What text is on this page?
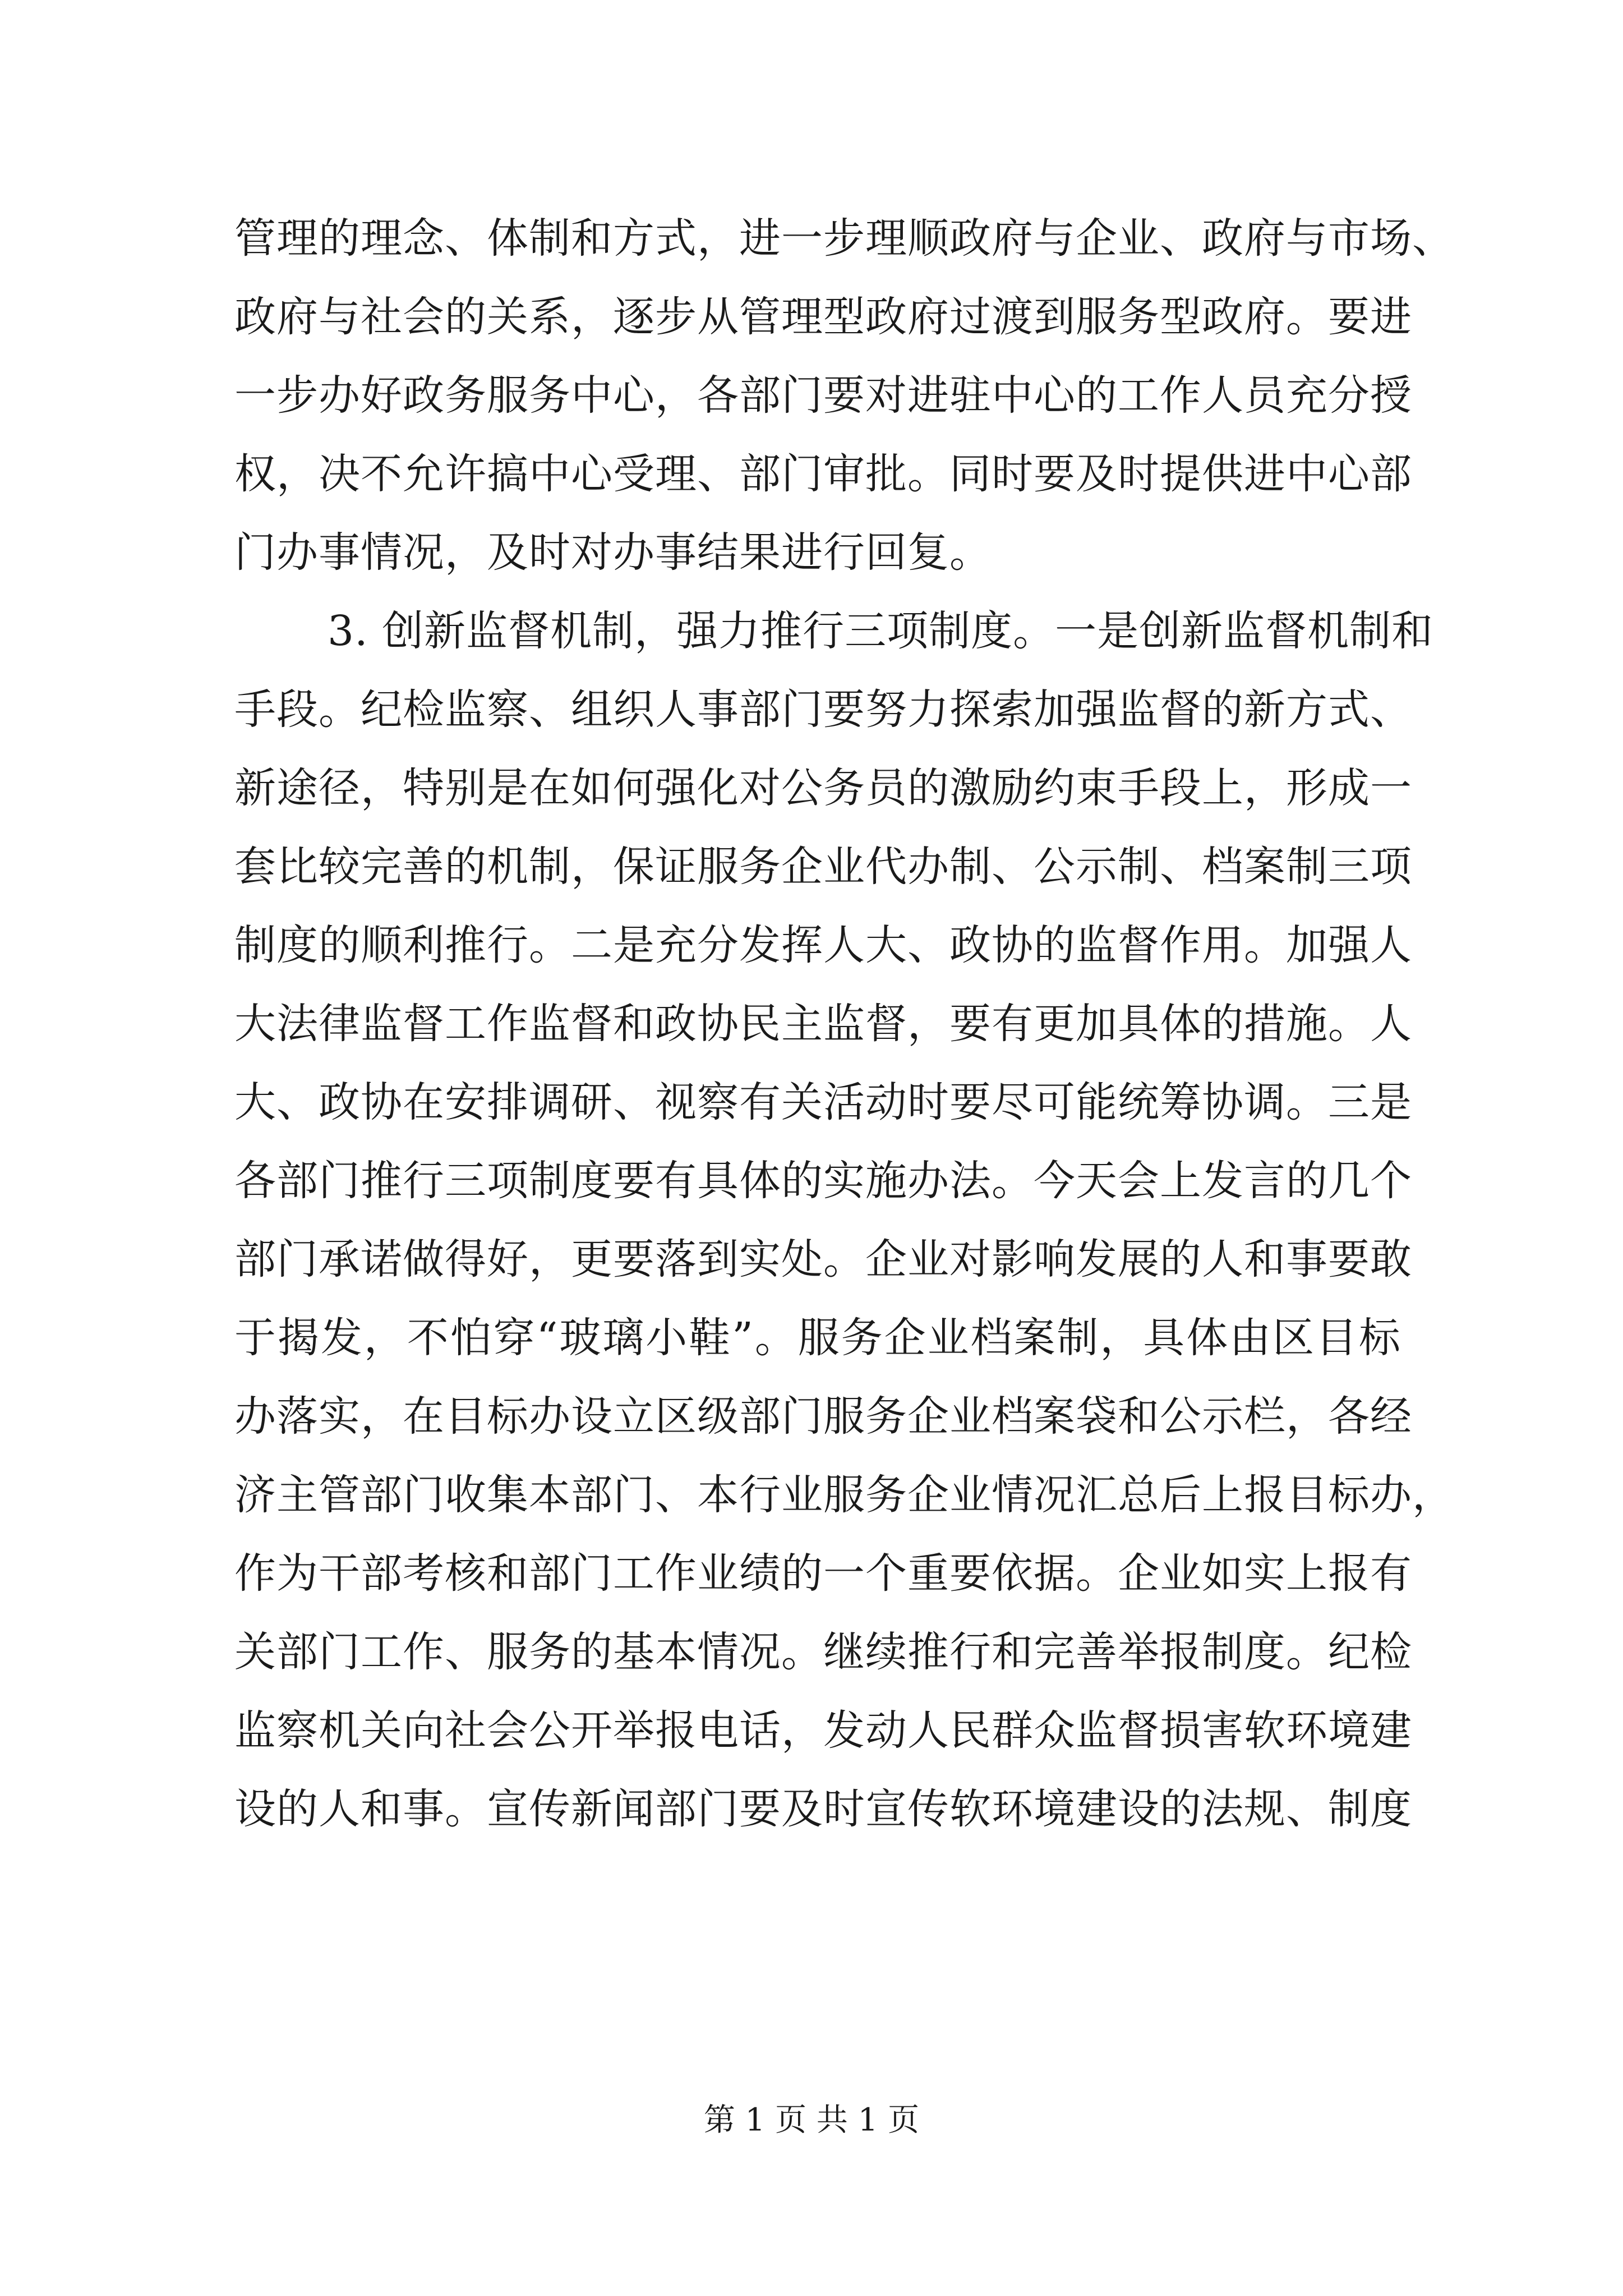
管理的理念、体制和方式，进一步理顺政府与企业、政府与市场、
政府与社会的关系，逐步从管理型政府过渡到服务型政府。要进
一步办好政务服务中心，各部门要对进驻中心的工作人员充分授
权，决不允许搞中心受理、部门审批。同时要及时提供进中心部
门办事情况，及时对办事结果进行回复。
3. 创新监督机制，强力推行三项制度。一是创新监督机制和
手段。纪检监察、组织人事部门要努力探索加强监督的新方式、
新途径，特别是在如何强化对公务员的激励约束手段上，形成一
套比较完善的机制，保证服务企业代办制、公示制、档案制三项
制度的顺利推行。二是充分发挥人大、政协的监督作用。加强人
大法律监督工作监督和政协民主监督，要有更加具体的措施。人
大、政协在安排调研、视察有关活动时要尽可能统筹协调。三是
各部门推行三项制度要有具体的实施办法。今天会上发言的几个
部门承诺做得好，更要落到实处。企业对影响发展的人和事要敢
于揭发，不怕穿“玻璃小鞋”。服务企业档案制，具体由区目标
办落实，在目标办设立区级部门服务企业档案袋和公示栏，各经
济主管部门收集本部门、本行业服务企业情况汇总后上报目标办，
作为干部考核和部门工作业绩的一个重要依据。企业如实上报有
关部门工作、服务的基本情况。继续推行和完善举报制度。纪检
监察机关向社会公开举报电话，发动人民群众监督损害软环境建
设的人和事。宣传新闻部门要及时宣传软环境建设的法规、制度
第 1 页 共 1 页
